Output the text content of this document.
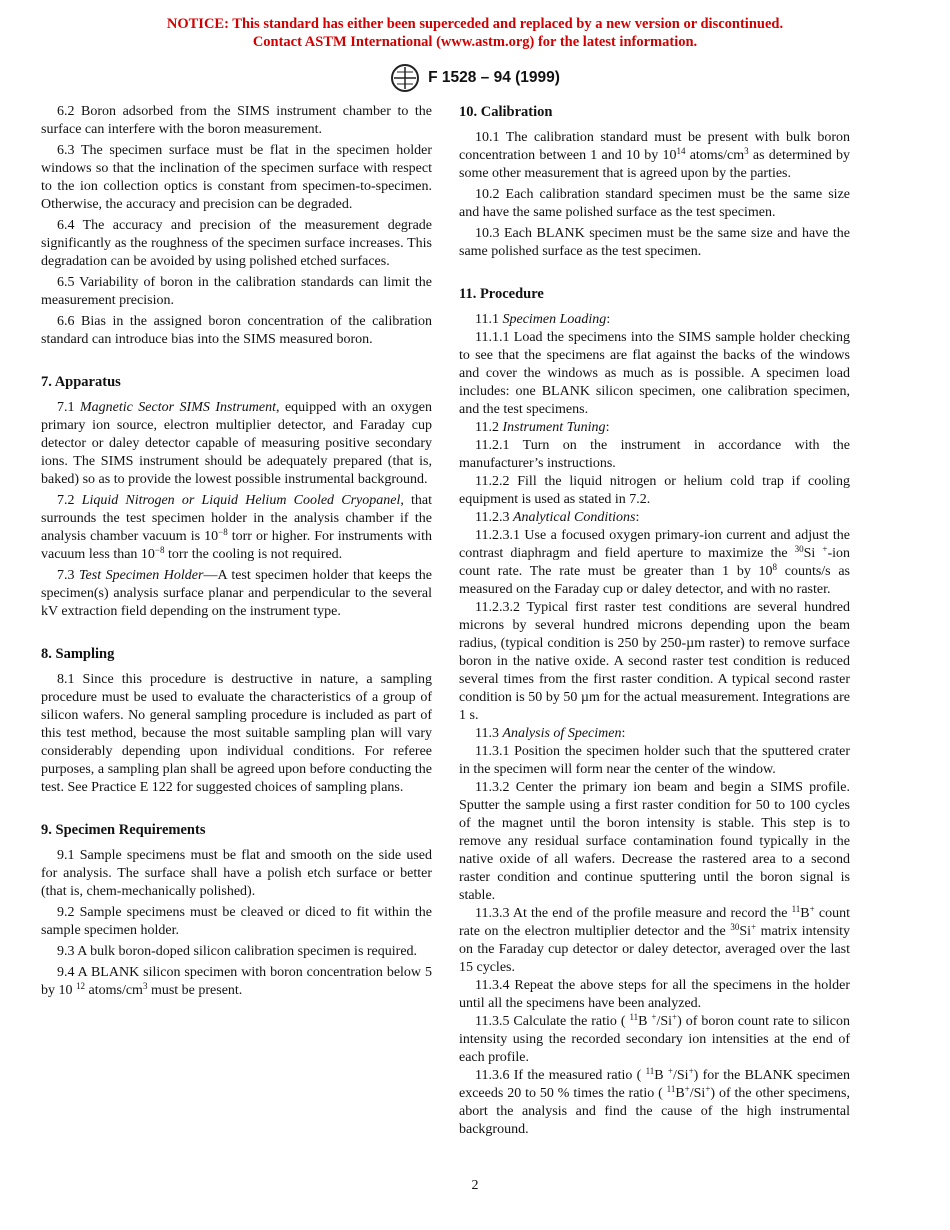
NOTICE: This standard has either been superceded and replaced by a new version or discontinued.
Contact ASTM International (www.astm.org) for the latest information.
F 1528 – 94 (1999)

6.2 Boron adsorbed from the SIMS instrument chamber to the surface can interfere with the boron measurement.

6.3 The specimen surface must be flat in the specimen holder windows so that the inclination of the specimen surface with respect to the ion collection optics is constant from specimen-to-specimen. Otherwise, the accuracy and precision can be degraded.

6.4 The accuracy and precision of the measurement degrade significantly as the roughness of the specimen surface increases. This degradation can be avoided by using polished etched surfaces.

6.5 Variability of boron in the calibration standards can limit the measurement precision.

6.6 Bias in the assigned boron concentration of the calibration standard can introduce bias into the SIMS measured boron.

7. Apparatus

7.1 Magnetic Sector SIMS Instrument, equipped with an oxygen primary ion source, electron multiplier detector, and Faraday cup detector or daley detector capable of measuring positive secondary ions. The SIMS instrument should be adequately prepared (that is, baked) so as to provide the lowest possible instrumental background.

7.2 Liquid Nitrogen or Liquid Helium Cooled Cryopanel, that surrounds the test specimen holder in the analysis chamber if the analysis chamber vacuum is $10^{-8}$ torr or higher. For instruments with vacuum less than $10^{-8}$ torr the cooling is not required.

7.3 Test Specimen Holder—A test specimen holder that keeps the specimen(s) analysis surface planar and perpendicular to the several kV extraction field depending on the instrument type.

8. Sampling

8.1 Since this procedure is destructive in nature, a sampling procedure must be used to evaluate the characteristics of a group of silicon wafers. No general sampling procedure is included as part of this test method, because the most suitable sampling plan will vary considerably depending upon individual conditions. For referee purposes, a sampling plan shall be agreed upon before conducting the test. See Practice E 122 for suggested choices of sampling plans.

9. Specimen Requirements

9.1 Sample specimens must be flat and smooth on the side used for analysis. The surface shall have a polish etch surface or better (that is, chem-mechanically polished).

9.2 Sample specimens must be cleaved or diced to fit within the sample specimen holder.

9.3 A bulk boron-doped silicon calibration specimen is required.

9.4 A BLANK silicon specimen with boron concentration below 5 by 10 $^{12}$ atoms/$cm^3$ must be present.

10. Calibration

10.1 The calibration standard must be present with bulk boron concentration between 1 and 10 by $10^{14}$ atoms/$cm^3$ as determined by some other measurement that is agreed upon by the parties.

10.2 Each calibration standard specimen must be the same size and have the same polished surface as the test specimen.

10.3 Each BLANK specimen must be the same size and have the same polished surface as the test specimen.

11. Procedure

11.1 Specimen Loading:

11.1.1 Load the specimens into the SIMS sample holder checking to see that the specimens are flat against the backs of the windows and cover the windows as much as is possible. A specimen load includes: one BLANK silicon specimen, one calibration specimen, and the test specimens.

11.2 Instrument Tuning:

11.2.1 Turn on the instrument in accordance with the manufacturer’s instructions.

11.2.2 Fill the liquid nitrogen or helium cold trap if cooling equipment is used as stated in 7.2.

11.2.3 Analytical Conditions:

11.2.3.1 Use a focused oxygen primary-ion current and adjust the contrast diaphragm and field aperture to maximize the $^{30}$Si +-ion count rate. The rate must be greater than 1 by $10^8$ counts/s as measured on the Faraday cup or daley detector, and with no raster.

11.2.3.2 Typical first raster test conditions are several hundred microns by several hundred microns depending upon the beam radius, (typical condition is 250 by 250-µm raster) to remove surface boron in the native oxide. A second raster test condition is reduced several times from the first raster condition. A typical second raster condition is 50 by 50 µm for the actual measurement. Integrations are 1 s.

11.3 Analysis of Specimen:

11.3.1 Position the specimen holder such that the sputtered crater in the specimen will form near the center of the window.

11.3.2 Center the primary ion beam and begin a SIMS profile. Sputter the sample using a first raster condition for 50 to 100 cycles of the magnet until the boron intensity is stable. This step is to remove any residual surface contamination found typically in the native oxide of all wafers. Decrease the rastered area to a second raster condition and continue sputtering until the boron signal is stable.

11.3.3 At the end of the profile measure and record the $^{11}$B+ count rate on the electron multiplier detector and the $^{30}$Si+ matrix intensity on the Faraday cup detector or daley detector, averaged over the last 15 cycles.

11.3.4 Repeat the above steps for all the specimens in the holder until all the specimens have been analyzed.

11.3.5 Calculate the ratio ( $^{11}$B +/Si+) of boron count rate to silicon intensity using the recorded secondary ion intensities at the end of each profile.

11.3.6 If the measured ratio ( $^{11}$B +/Si+) for the BLANK specimen exceeds 20 to 50 % times the ratio ( $^{11}$B+/Si+) of the other specimens, abort the analysis and find the cause of the high instrumental background.

2
